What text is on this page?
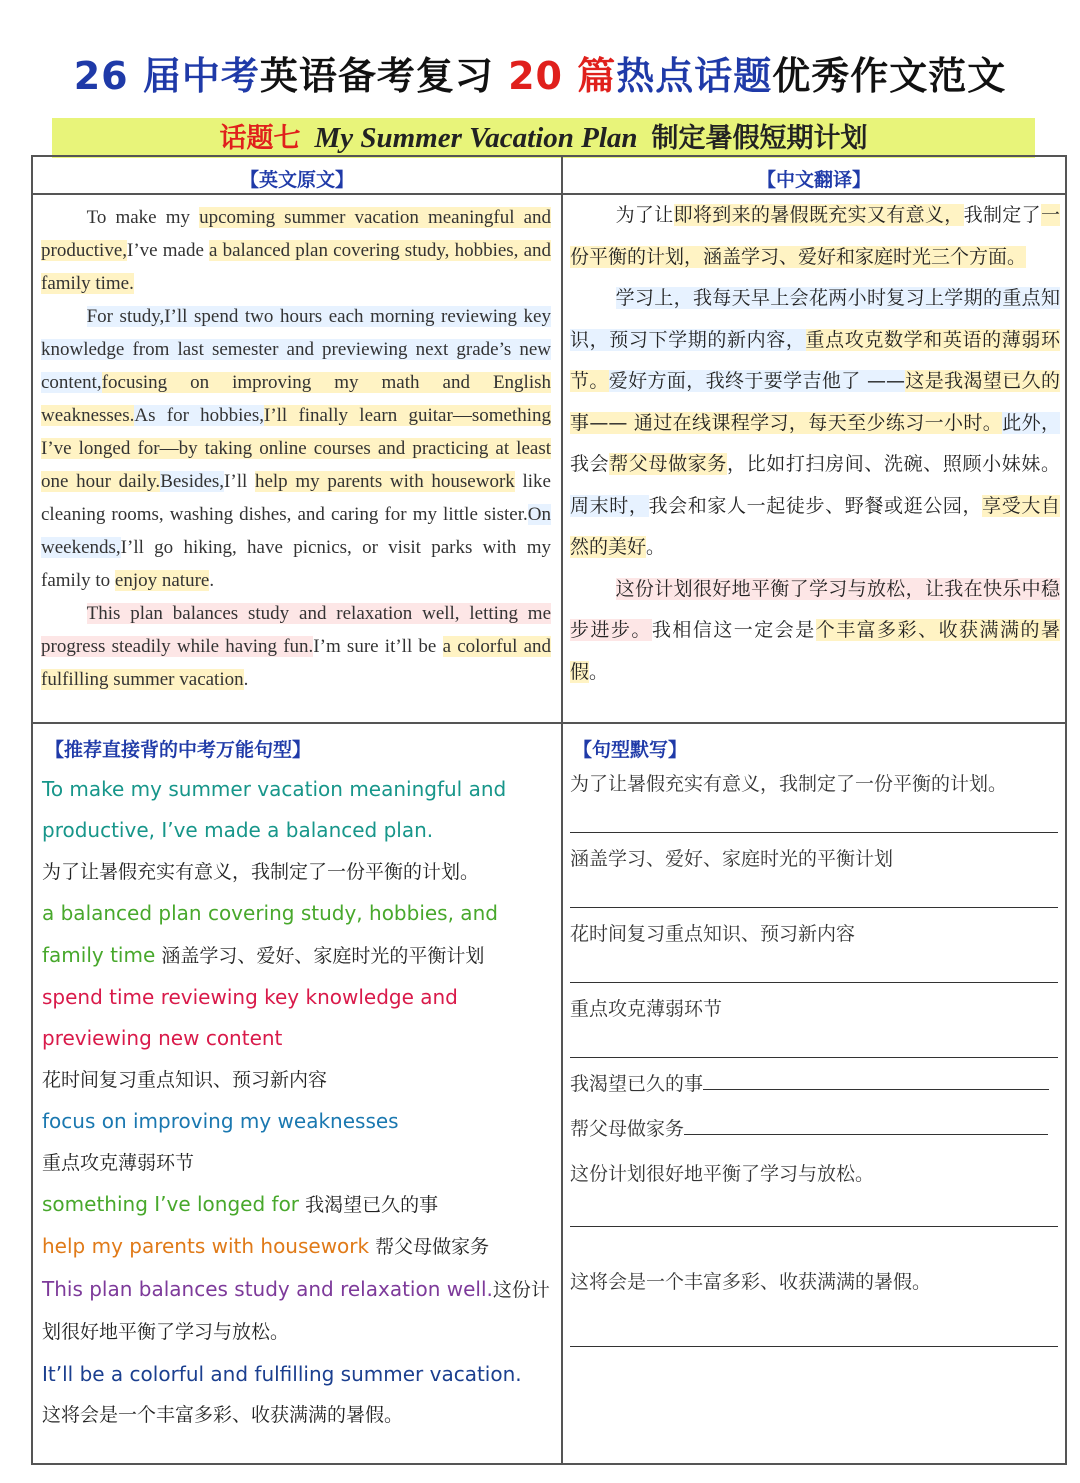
26 届中考英语备考复习 20 篇热点话题优秀作文范文
话题七 My Summer Vacation Plan 制定暑假短期计划
【英文原文】	【中文翻译】

To make my upcoming summer vacation meaningful and productive,I’ve made a balanced plan covering study, hobbies, and family time.

For study,I’ll spend two hours each morning reviewing key knowledge from last semester and previewing next grade’s new content,focusing on improving my math and English weaknesses.As for hobbies,I’ll finally learn guitar—something I’ve longed for—by taking online courses and practicing at least one hour daily.Besides,I’ll help my parents with housework like cleaning rooms, washing dishes, and caring for my little sister.On weekends,I’ll go hiking, have picnics, or visit parks with my family to enjoy nature.

This plan balances study and relaxation well, letting me progress steadily while having fun.I’m sure it’ll be a colorful and fulfilling summer vacation.

为了让即将到来的暑假既充实又有意义，我制定了一份平衡的计划，涵盖学习、爱好和家庭时光三个方面。

学习上，我每天早上会花两小时复习上学期的重点知识，预习下学期的新内容，重点攻克数学和英语的薄弱环节。爱好方面，我终于要学吉他了 ——这是我渴望已久的事—— 通过在线课程学习，每天至少练习一小时。此外，我会帮父母做家务，比如打扫房间、洗碗、照顾小妹妹。周末时，我会和家人一起徒步、野餐或逛公园，享受大自然的美好。

这份计划很好地平衡了学习与放松，让我在快乐中稳步进步。我相信这一定会是个丰富多彩、收获满满的暑假。

【推荐直接背的中考万能句型】	【句型默写】

To make my summer vacation meaningful and productive, I’ve made a balanced plan.

为了让暑假充实有意义，我制定了一份平衡的计划。

a balanced plan covering study, hobbies, and family time 涵盖学习、爱好、家庭时光的平衡计划

spend time reviewing key knowledge and previewing new content

花时间复习重点知识、预习新内容

focus on improving my weaknesses

重点攻克薄弱环节

something I’ve longed for 我渴望已久的事

help my parents with housework 帮父母做家务

This plan balances study and relaxation well.这份计划很好地平衡了学习与放松。

It’ll be a colorful and fulfilling summer vacation.

这将会是一个丰富多彩、收获满满的暑假。

为了让暑假充实有意义，我制定了一份平衡的计划。
涵盖学习、爱好、家庭时光的平衡计划
花时间复习重点知识、预习新内容
重点攻克薄弱环节
我渴望已久的事
帮父母做家务
这份计划很好地平衡了学习与放松。
这将会是一个丰富多彩、收获满满的暑假。
